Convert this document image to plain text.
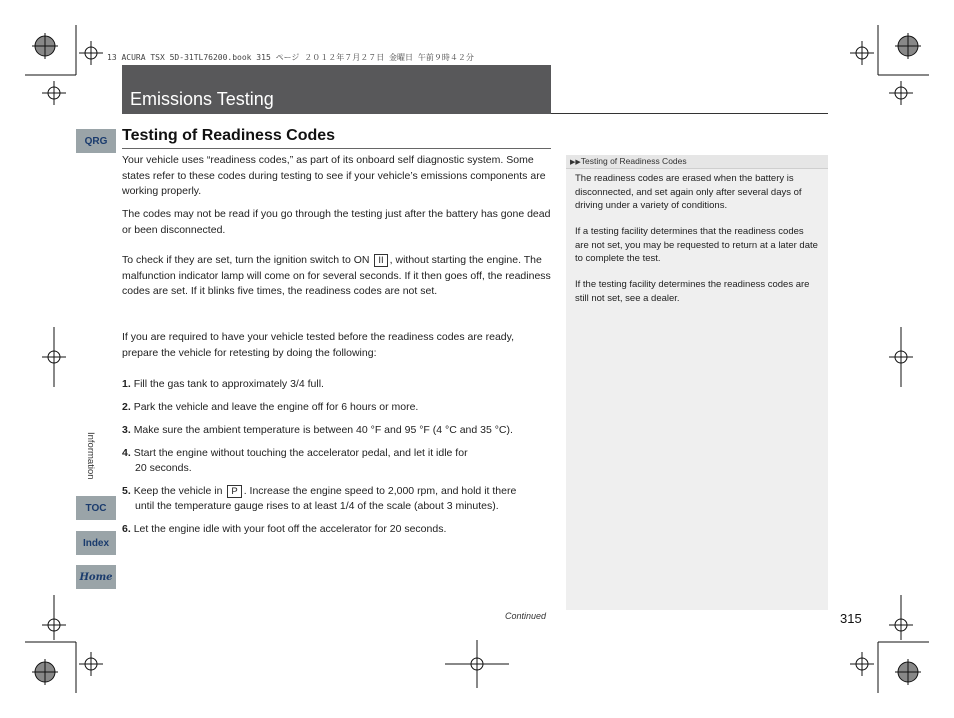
13 ACURA TSX 5D-31TL76200.book 315 ページ ２０１２年７月２７日 金曜日 午前９時４２分
Emissions Testing
QRG
Information
TOC
Index
Home
Testing of Readiness Codes
Your vehicle uses “readiness codes,” as part of its onboard self diagnostic system. Some states refer to these codes during testing to see if your vehicle’s emissions components are working properly.
The codes may not be read if you go through the testing just after the battery has gone dead or been disconnected.
To check if they are set, turn the ignition switch to ON II , without starting the engine. The malfunction indicator lamp will come on for several seconds. If it then goes off, the readiness codes are set. If it blinks five times, the readiness codes are not set.
If you are required to have your vehicle tested before the readiness codes are ready, prepare the vehicle for retesting by doing the following:
1. Fill the gas tank to approximately 3/4 full.
2. Park the vehicle and leave the engine off for 6 hours or more.
3. Make sure the ambient temperature is between 40 °F and 95 °F (4 °C and 35 °C).
4. Start the engine without touching the accelerator pedal, and let it idle for
20 seconds.
5. Keep the vehicle in P . Increase the engine speed to 2,000 rpm, and hold it there
until the temperature gauge rises to at least 1/4 of the scale (about 3 minutes).
6. Let the engine idle with your foot off the accelerator for 20 seconds.
▶▶Testing of Readiness Codes
The readiness codes are erased when the battery is disconnected, and set again only after several days of driving under a variety of conditions.
If a testing facility determines that the readiness codes are not set, you may be requested to return at a later date to complete the test.
If the testing facility determines the readiness codes are still not set, see a dealer.
Continued	315
